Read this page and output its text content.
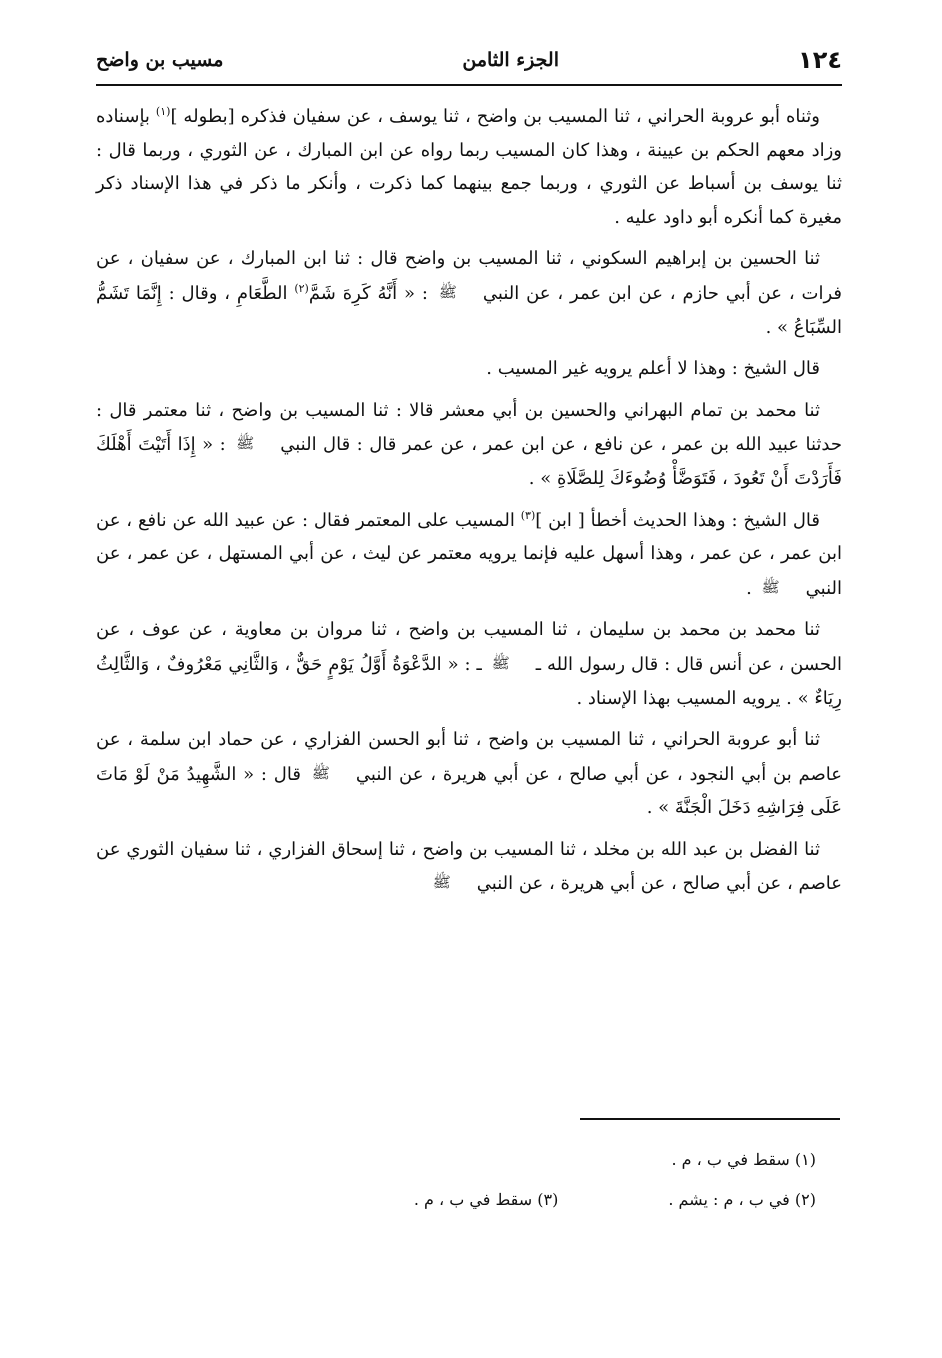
١٢٤
الجزء الثامن
مسيب بن واضح

وثناه أبو عروبة الحراني ، ثنا المسيب بن واضح ، ثنا يوسف ، عن سفيان فذكره [بطوله ]$^{(١)}$ بإسناده وزاد معهم الحكم بن عيينة ، وهذا كان المسيب ربما رواه عن ابن المبارك ، عن الثوري ، وربما قال : ثنا يوسف بن أسباط عن الثوري ، وربما جمع بينهما كما ذكرت ، وأنكر ما ذكر في هذا الإسناد ذكر مغيرة كما أنكره أبو داود عليه .

ثنا الحسين بن إبراهيم السكوني ، ثنا المسيب بن واضح قال : ثنا ابن المبارك ، عن سفيان ، عن فرات ، عن أبي حازم ، عن ابن عمر ، عن النبيﷺ : « أَنَّهُ كَرِهَ شَمَّ$^{(٢)}$ الطَّعَامِ ، وقال : إِنَّمَا تَشَمُّ السِّبَاعُ » .

قال الشيخ : وهذا لا أعلم يرويه غير المسيب .

ثنا محمد بن تمام البهراني والحسين بن أبي معشر قالا : ثنا المسيب بن واضح ، ثنا معتمر قال : حدثنا عبيد الله بن عمر ، عن نافع ، عن ابن عمر ، عن عمر قال : قال النبيﷺ : « إِذَا أَتَيْتَ أَهْلَكَ فَأَرَدْتَ أَنْ تَعُودَ ، فَتَوَضَّأْ وُضُوءَكَ لِلصَّلَاةِ » .

قال الشيخ : وهذا الحديث أخطأ [ ابن ]$^{(٣)}$ المسيب على المعتمر فقال : عن عبيد الله عن نافع ، عن ابن عمر ، عن عمر ، وهذا أسهل عليه فإنما يرويه معتمر عن ليث ، عن أبي المستهل ، عن عمر ، عن النبيﷺ .

ثنا محمد بن محمد بن سليمان ، ثنا المسيب بن واضح ، ثنا مروان بن معاوية ، عن عوف ، عن الحسن ، عن أنس قال : قال رسول الله ـﷺ ـ : « الدَّعْوَةُ أَوَّلُ يَوْمٍ حَقٌّ ، وَالثَّانِي مَعْرُوفٌ ، وَالثَّالِثُ رِيَاءٌ » . يرويه المسيب بهذا الإسناد .

ثنا أبو عروبة الحراني ، ثنا المسيب بن واضح ، ثنا أبو الحسن الفزاري ، عن حماد ابن سلمة ، عن عاصم بن أبي النجود ، عن أبي صالح ، عن أبي هريرة ، عن النبيﷺ قال : « الشَّهِيدُ مَنْ لَوْ مَاتَ عَلَى فِرَاشِهِ دَخَلَ الْجَنَّةَ » .

ثنا الفضل بن عبد الله بن مخلد ، ثنا المسيب بن واضح ، ثنا إسحاق الفزاري ، ثنا سفيان الثوري عن عاصم ، عن أبي صالح ، عن أبي هريرة ، عن النبيﷺ

(١) سقط في ب ، م .
(٢) في ب ، م : يشم .
(٣) سقط في ب ، م .
